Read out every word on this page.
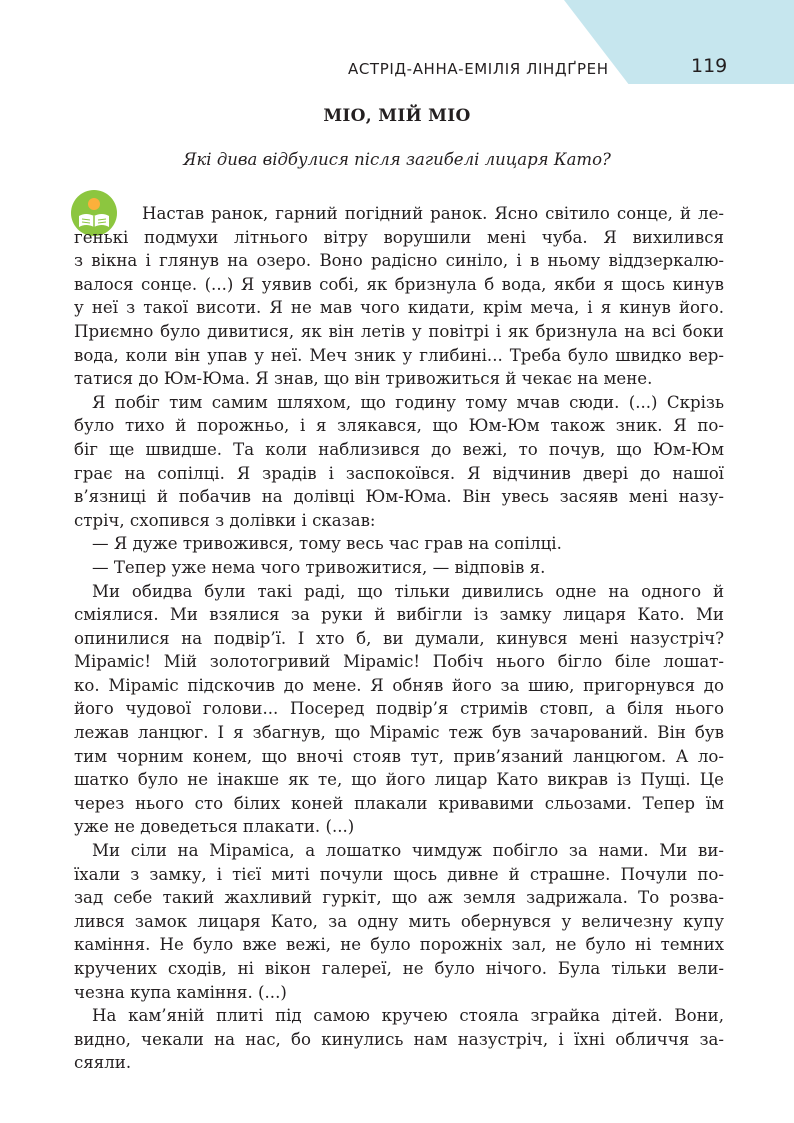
АСТРІД-АННА-ЕМІЛІЯ ЛІНДҐРЕН	119
МІО, МІЙ МІО
Які дива відбулися після загибелі лицаря Като?
Настав ранок, гарний погідний ранок. Ясно світило сонце, й ле-
генькі подмухи літнього вітру ворушили мені чуба. Я вихилився
з вікна і глянув на озеро. Воно радісно синіло, і в ньому віддзеркалю-
валося сонце. (...) Я уявив собі, як бризнула б вода, якби я щось кинув
у неї з такої висоти. Я не мав чого кидати, крім меча, і я кинув його.
Приємно було дивитися, як він летів у повітрі і як бризнула на всі боки
вода, коли він упав у неї. Меч зник у глибині... Треба було швидко вер-
татися до Юм-Юма. Я знав, що він тривожиться й чекає на мене.
Я побіг тим самим шляхом, що годину тому мчав сюди. (...) Скрізь
було тихо й порожньо, і я злякався, що Юм-Юм також зник. Я по-
біг ще швидше. Та коли наблизився до вежі, то почув, що Юм-Юм
грає на сопілці. Я зрадів і заспокоївся. Я відчинив двері до нашої
в’язниці й побачив на долівці Юм-Юма. Він увесь засяяв мені назу-
стріч, схопився з долівки і сказав:
— Я дуже тривожився, тому весь час грав на сопілці.
— Тепер уже нема чого тривожитися, — відповів я.
Ми обидва були такі раді, що тільки дивились одне на одного й
сміялися. Ми взялися за руки й вибігли із замку лицаря Като. Ми
опинилися на подвір’ї. І хто б, ви думали, кинувся мені назустріч?
Міраміс! Мій золотогривий Міраміс! Побіч нього бігло біле лошат-
ко. Міраміс підскочив до мене. Я обняв його за шию, пригорнувся до
його чудової голови... Посеред подвір’я стримів стовп, а біля нього
лежав ланцюг. І я збагнув, що Міраміс теж був зачарований. Він був
тим чорним конем, що вночі стояв тут, прив’язаний ланцюгом. А ло-
шатко було не інакше як те, що його лицар Като викрав із Пущі. Це
через нього сто білих коней плакали кривавими сльозами. Тепер їм
уже не доведеться плакати. (...)
Ми сіли на Міраміса, а лошатко чимдуж побігло за нами. Ми ви-
їхали з замку, і тієї миті почули щось дивне й страшне. Почули по-
зад себе такий жахливий гуркіт, що аж земля задрижала. То розва-
лився замок лицаря Като, за одну мить обернувся у величезну купу
каміння. Не було вже вежі, не було порожніх зал, не було ні темних
кручених сходів, ні вікон галереї, не було нічого. Була тільки вели-
чезна купа каміння. (...)
На кам’яній плиті під самою кручею стояла зграйка дітей. Вони,
видно, чекали на нас, бо кинулись нам назустріч, і їхні обличчя за-
сяяли.
